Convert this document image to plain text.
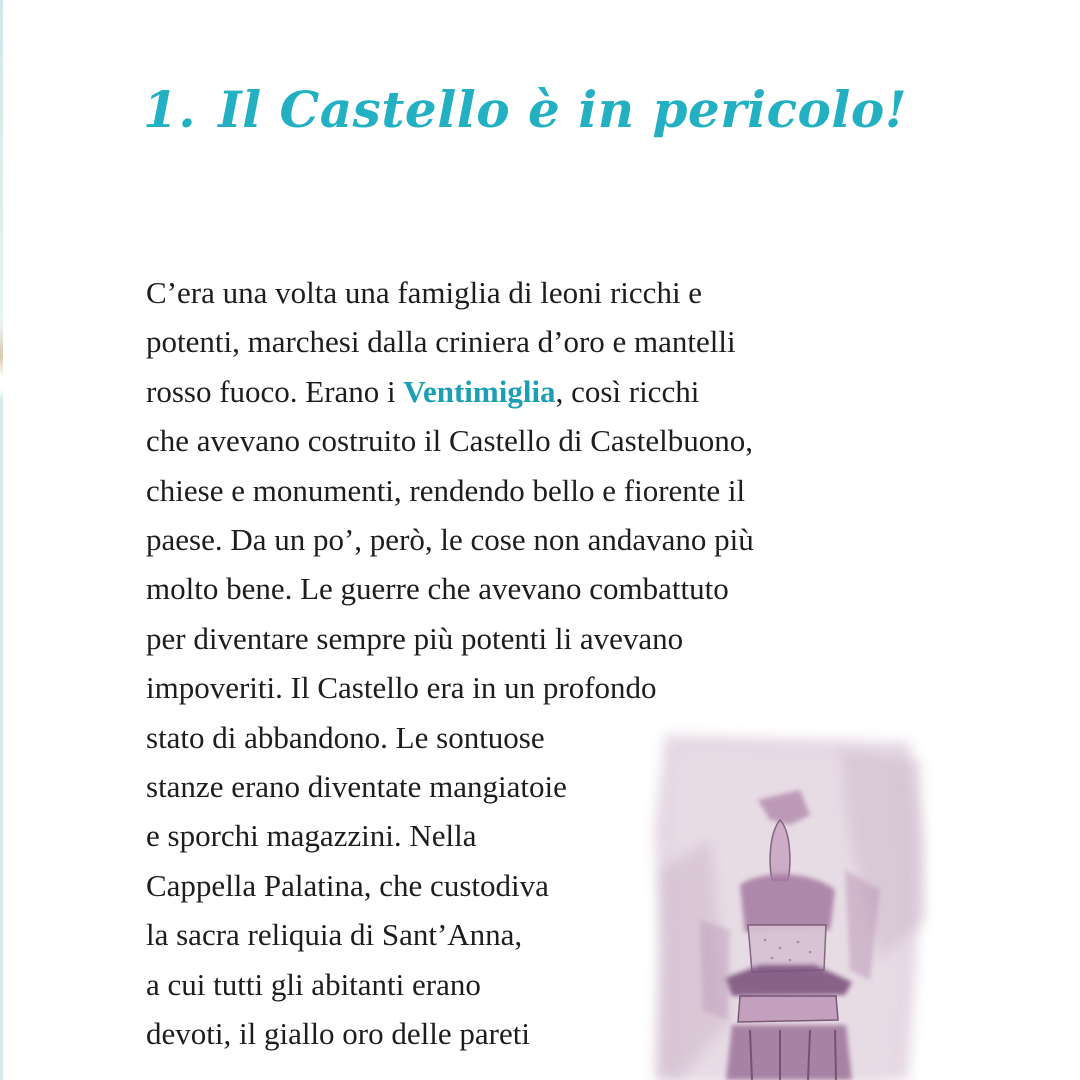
1. Il Castello è in pericolo!
C’era una volta una famiglia di leoni ricchi e
potenti, marchesi dalla criniera d’oro e mantelli
rosso fuoco. Erano i Ventimiglia, così ricchi
che avevano costruito il Castello di Castelbuono,
chiese e monumenti, rendendo bello e fiorente il
paese. Da un po’, però, le cose non andavano più
molto bene. Le guerre che avevano combattuto
per diventare sempre più potenti li avevano
impoveriti. Il Castello era in un profondo
stato di abbandono. Le sontuose
stanze erano diventate mangiatoie
e sporchi magazzini. Nella
Cappella Palatina, che custodiva
la sacra reliquia di Sant’Anna,
a cui tutti gli abitanti erano
devoti, il giallo oro delle pareti
